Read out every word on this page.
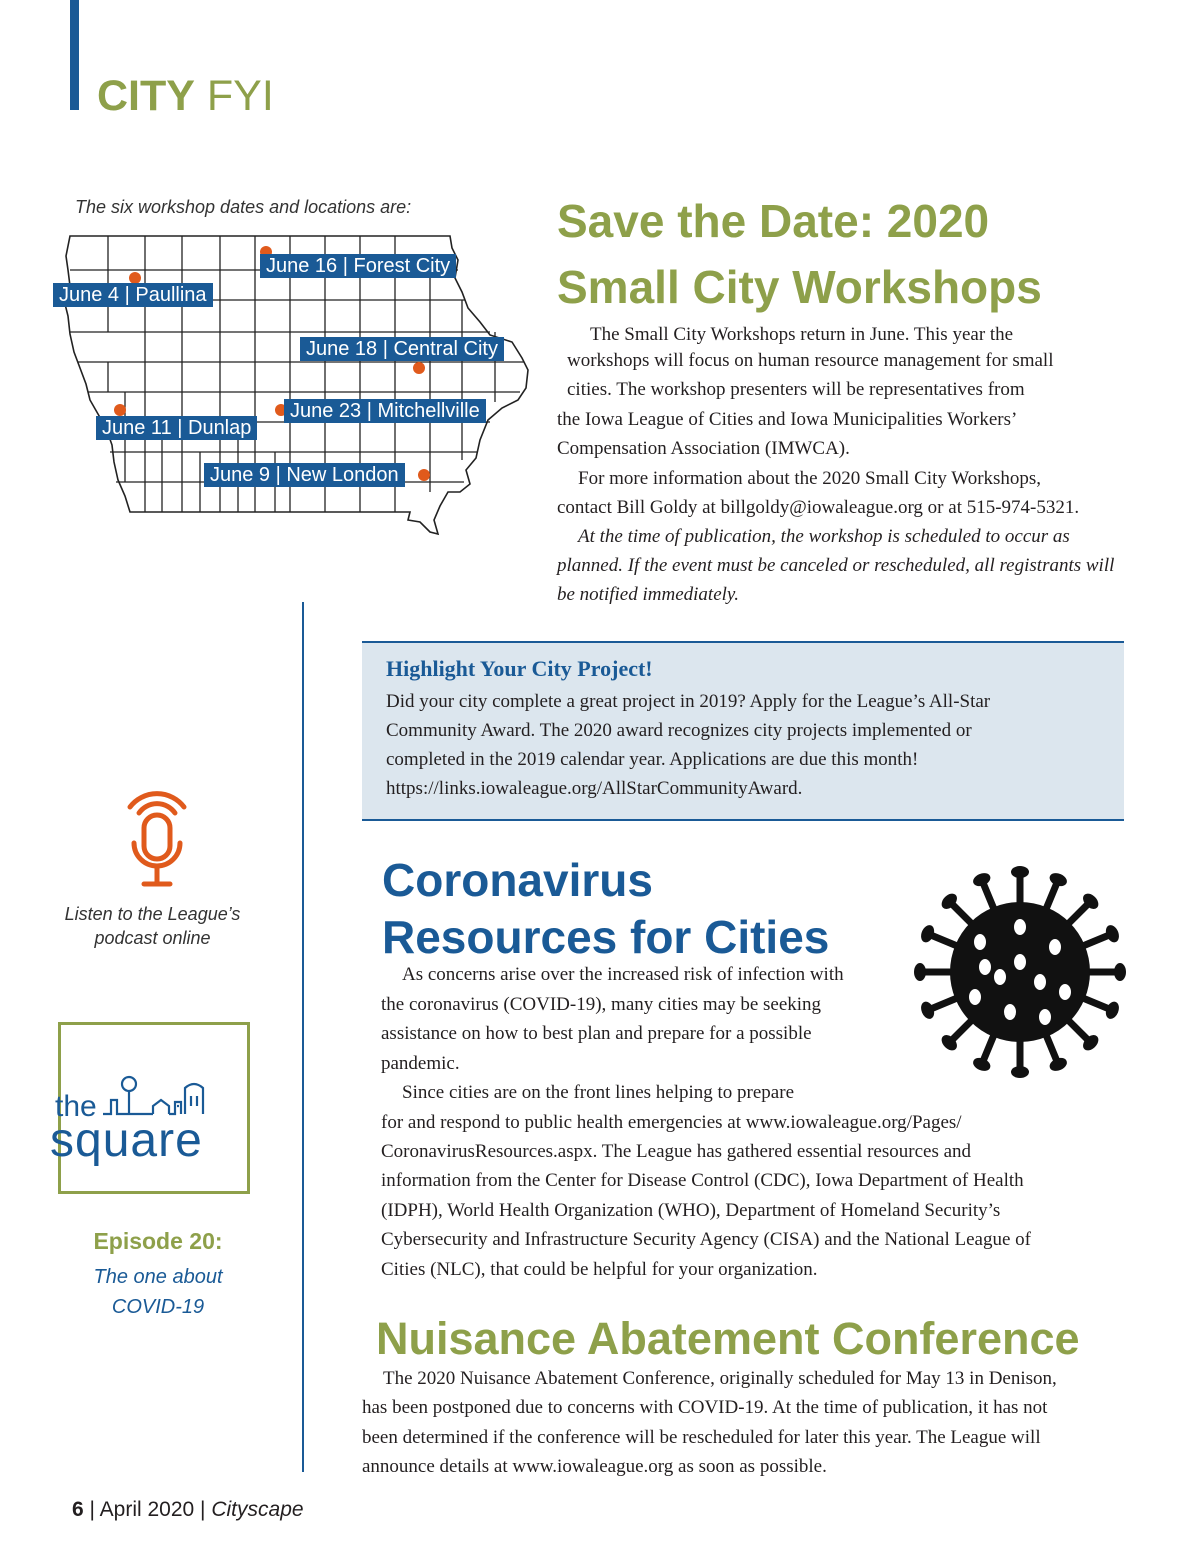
CITY FYI
The six workshop dates and locations are:
June 16 | Forest City
June 4 | Paullina
June 18 | Central City
June 23 | Mitchellville
June 11 | Dunlap
June 9 | New London
Save the Date: 2020
Small City Workshops
The Small City Workshops return in June. This year the
workshops will focus on human resource management for small
cities. The workshop presenters will be representatives from
the Iowa League of Cities and Iowa Municipalities Workers’
Compensation Association (IMWCA).
For more information about the 2020 Small City Workshops,
contact Bill Goldy at billgoldy@iowaleague.org or at 515-974-5321.
At the time of publication, the workshop is scheduled to occur as
planned. If the event must be canceled or rescheduled, all registrants will
be notified immediately.
Highlight Your City Project!
Did your city complete a great project in 2019? Apply for the League’s All-Star
Community Award. The 2020 award recognizes city projects implemented or
completed in the 2019 calendar year. Applications are due this month!
https://links.iowaleague.org/AllStarCommunityAward.
Listen to the League’s
podcast online
the
square
Episode 20:
The one about
COVID-19
Coronavirus
Resources for Cities
As concerns arise over the increased risk of infection with
the coronavirus (COVID-19), many cities may be seeking
assistance on how to best plan and prepare for a possible
pandemic.
Since cities are on the front lines helping to prepare
for and respond to public health emergencies at www.iowaleague.org/Pages/
CoronavirusResources.aspx. The League has gathered essential resources and
information from the Center for Disease Control (CDC), Iowa Department of Health
(IDPH), World Health Organization (WHO), Department of Homeland Security’s
Cybersecurity and Infrastructure Security Agency (CISA) and the National League of
Cities (NLC), that could be helpful for your organization.
Nuisance Abatement Conference
The 2020 Nuisance Abatement Conference, originally scheduled for May 13 in Denison,
has been postponed due to concerns with COVID-19. At the time of publication, it has not
been determined if the conference will be rescheduled for later this year. The League will
announce details at www.iowaleague.org as soon as possible.
6 | April 2020 | Cityscape
